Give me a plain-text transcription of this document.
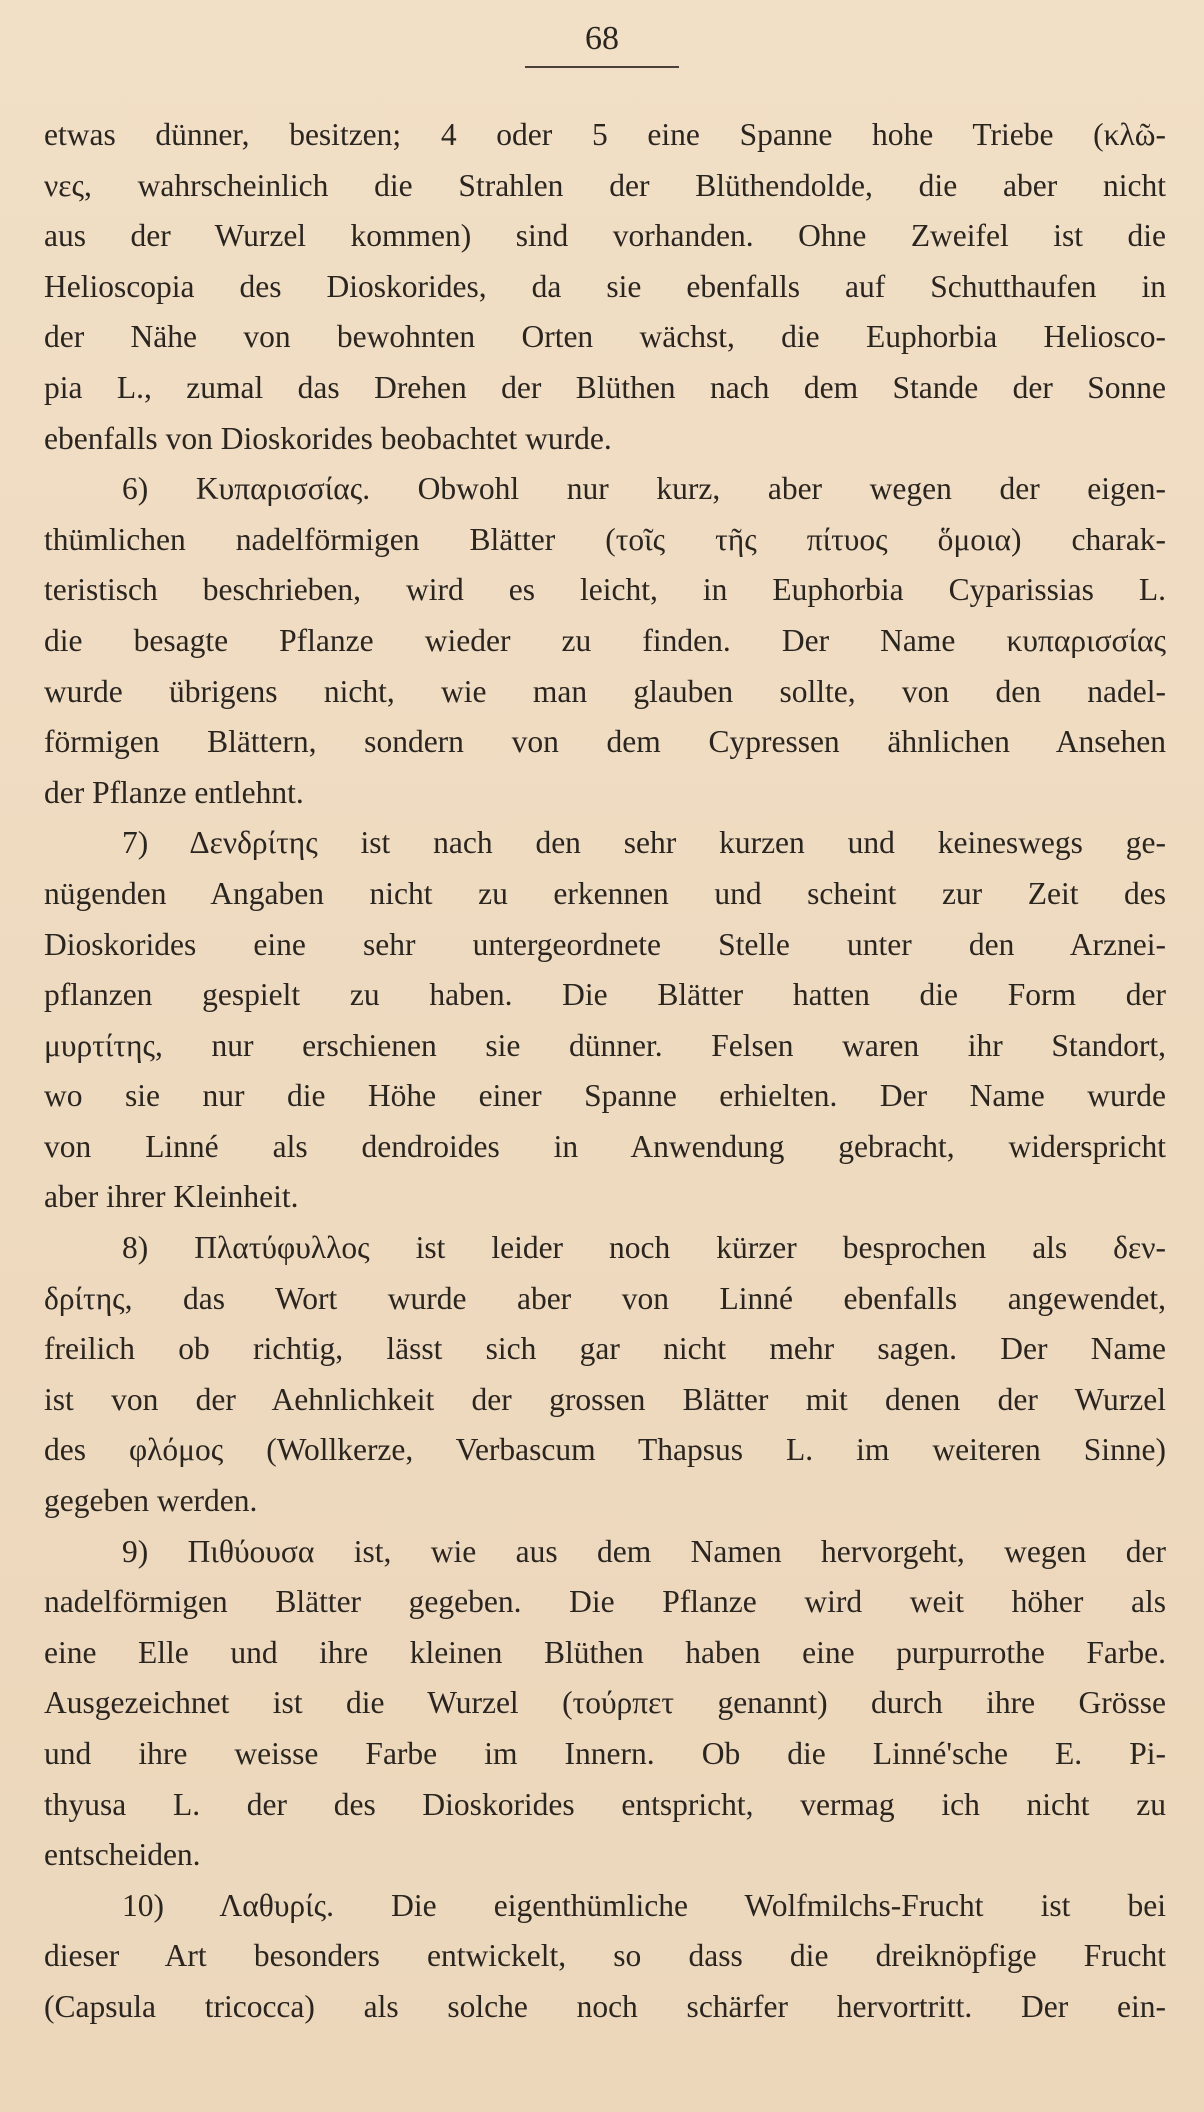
68
etwas dünner, besitzen; 4 oder 5 eine Spanne hohe Triebe (κλῶ-
νες, wahrscheinlich die Strahlen der Blüthendolde, die aber nicht
aus der Wurzel kommen) sind vorhanden. Ohne Zweifel ist die
Helioscopia des Dioskorides, da sie ebenfalls auf Schutthaufen in
der Nähe von bewohnten Orten wächst, die Euphorbia Helioscо-
pia L., zumal das Drehen der Blüthen nach dem Stande der Sonne
ebenfalls von Dioskorides beobachtet wurde.
6) Κυπαρισσίας. Obwohl nur kurz, aber wegen der eigen-
thümlichen nadelförmigen Blätter (τοῖς τῆς πίτυος ὅμοια) charak-
teristisch beschrieben, wird es leicht, in Euphorbia Cyparissias L.
die besagte Pflanze wieder zu finden. Der Name κυπαρισσίας
wurde übrigens nicht, wie man glauben sollte, von den nadel-
förmigen Blättern, sondern von dem Cypressen ähnlichen Ansehen
der Pflanze entlehnt.
7) Δενδρίτης ist nach den sehr kurzen und keineswegs ge-
nügenden Angaben nicht zu erkennen und scheint zur Zeit des
Dioskorides eine sehr untergeordnete Stelle unter den Arznei-
pflanzen gespielt zu haben. Die Blätter hatten die Form der
μυρτίτης, nur erschienen sie dünner. Felsen waren ihr Standort,
wo sie nur die Höhe einer Spanne erhielten. Der Name wurde
von Linné als dendroides in Anwendung gebracht, widerspricht
aber ihrer Kleinheit.
8) Πλατύφυλλος ist leider noch kürzer besprochen als δεν-
δρίτης, das Wort wurde aber von Linné ebenfalls angewendet,
freilich ob richtig, lässt sich gar nicht mehr sagen. Der Name
ist von der Aehnlichkeit der grossen Blätter mit denen der Wurzel
des φλόμος (Wollkerze, Verbascum Thapsus L. im weiteren Sinne)
gegeben werden.
9) Πιθύουσα ist, wie aus dem Namen hervorgeht, wegen der
nadelförmigen Blätter gegeben. Die Pflanze wird weit höher als
eine Elle und ihre kleinen Blüthen haben eine purpurrothe Farbe.
Ausgezeichnet ist die Wurzel (τούρπετ genannt) durch ihre Grösse
und ihre weisse Farbe im Innern. Ob die Linné'sche E. Pi-
thyusa L. der des Dioskorides entspricht, vermag ich nicht zu
entscheiden.
10) Λαθυρίς. Die eigenthümliche Wolfmilchs-Frucht ist bei
dieser Art besonders entwickelt, so dass die dreiknöpfige Frucht
(Capsula tricocca) als solche noch schärfer hervortritt. Der ein-
